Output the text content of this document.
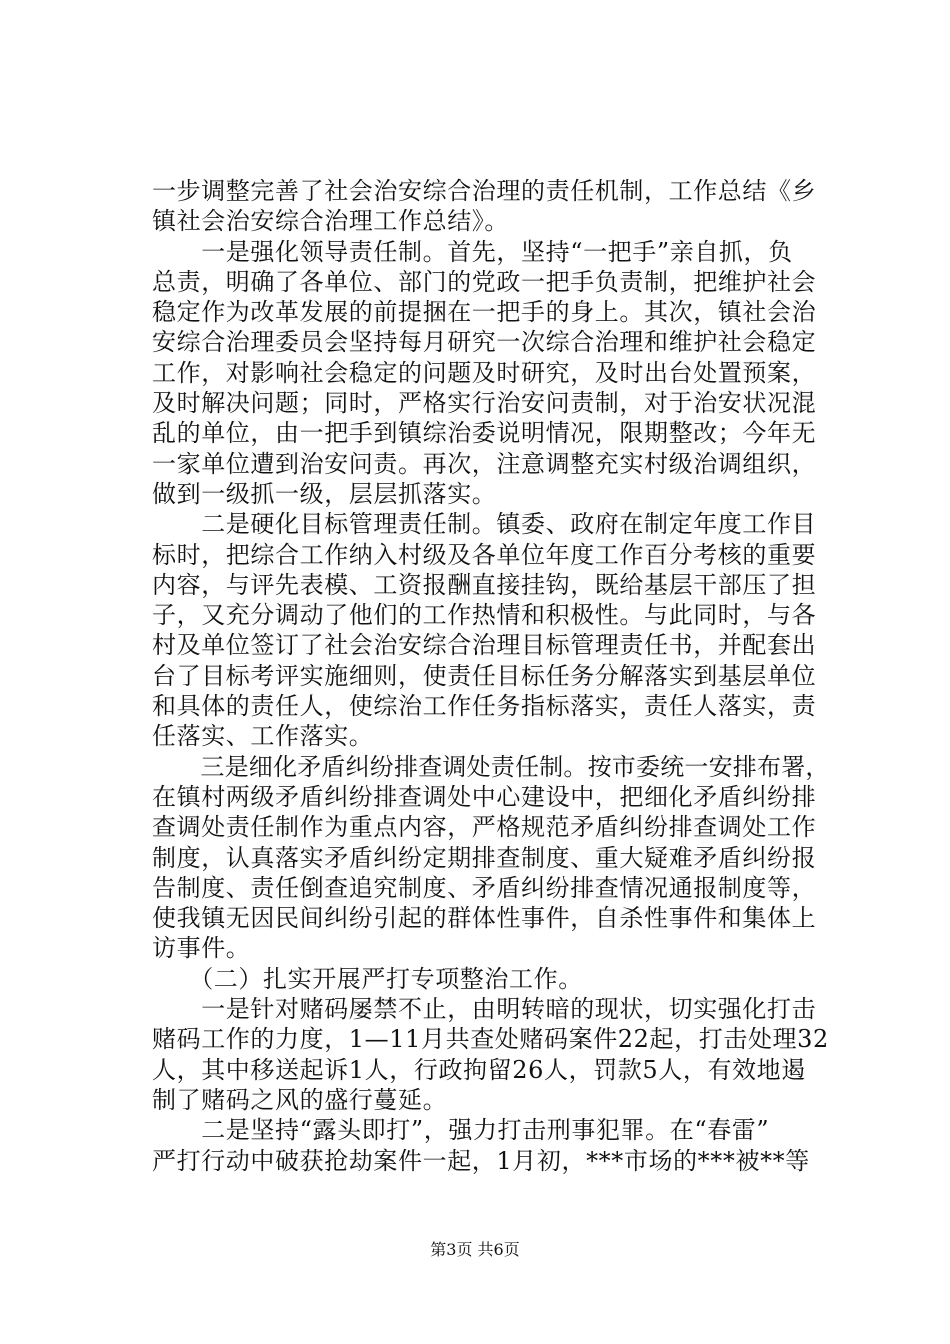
一步调整完善了社会治安综合治理的责任机制，工作总结《乡
镇社会治安综合治理工作总结》。
　　一是强化领导责任制。首先，坚持“一把手”亲自抓，负
总责，明确了各单位、部门的党政一把手负责制，把维护社会
稳定作为改革发展的前提捆在一把手的身上。其次，镇社会治
安综合治理委员会坚持每月研究一次综合治理和维护社会稳定
工作，对影响社会稳定的问题及时研究，及时出台处置预案，
及时解决问题；同时，严格实行治安问责制，对于治安状况混
乱的单位，由一把手到镇综治委说明情况，限期整改；今年无
一家单位遭到治安问责。再次，注意调整充实村级治调组织，
做到一级抓一级，层层抓落实。
　　二是硬化目标管理责任制。镇委、政府在制定年度工作目
标时，把综合工作纳入村级及各单位年度工作百分考核的重要
内容，与评先表模、工资报酬直接挂钩，既给基层干部压了担
子，又充分调动了他们的工作热情和积极性。与此同时，与各
村及单位签订了社会治安综合治理目标管理责任书，并配套出
台了目标考评实施细则，使责任目标任务分解落实到基层单位
和具体的责任人，使综治工作任务指标落实，责任人落实，责
任落实、工作落实。
　　三是细化矛盾纠纷排查调处责任制。按市委统一安排布署，
在镇村两级矛盾纠纷排查调处中心建设中，把细化矛盾纠纷排
查调处责任制作为重点内容，严格规范矛盾纠纷排查调处工作
制度，认真落实矛盾纠纷定期排查制度、重大疑难矛盾纠纷报
告制度、责任倒查追究制度、矛盾纠纷排查情况通报制度等，
使我镇无因民间纠纷引起的群体性事件，自杀性事件和集体上
访事件。
　　（二）扎实开展严打专项整治工作。
　　一是针对赌码屡禁不止，由明转暗的现状，切实强化打击
赌码工作的力度，1—11月共查处赌码案件22起，打击处理32
人，其中移送起诉1人，行政拘留26人，罚款5人，有效地遏
制了赌码之风的盛行蔓延。
　　二是坚持“露头即打”，强力打击刑事犯罪。在“春雷”
严打行动中破获抢劫案件一起，1月初，***市场的***被**等
第3页 共6页
